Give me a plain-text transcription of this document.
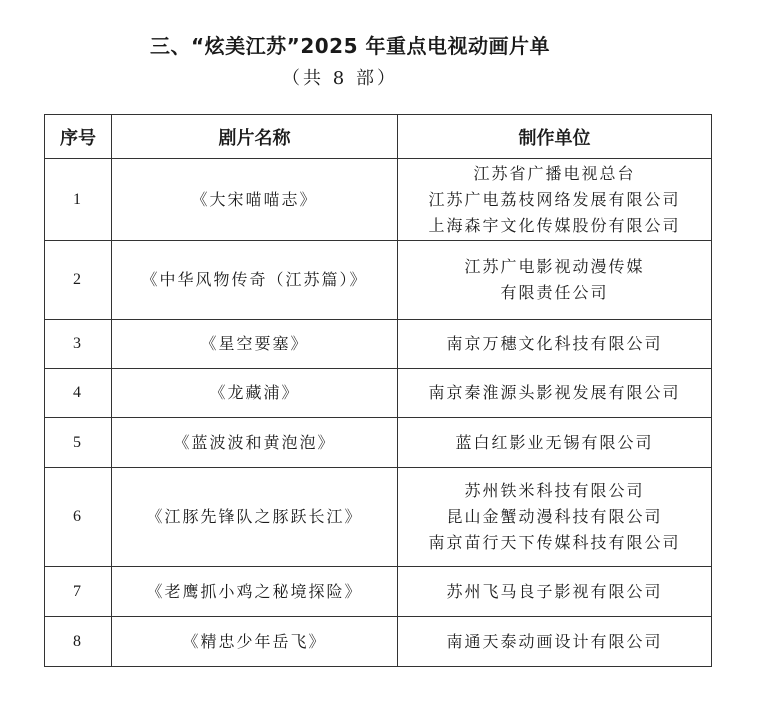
三、“炫美江苏”2025 年重点电视动画片单
（共 8 部）
序号	剧片名称	制作单位
1	《大宋喵喵志》	江苏省广播电视总台
江苏广电荔枝网络发展有限公司
上海森宇文化传媒股份有限公司

2	《中华风物传奇（江苏篇）》	江苏广电影视动漫传媒
有限责任公司

3	《星空要塞》	南京万穗文化科技有限公司

4	《龙藏浦》	南京秦淮源头影视发展有限公司

5	《蓝波波和黄泡泡》	蓝白红影业无锡有限公司

6	《江豚先锋队之豚跃长江》	苏州铁米科技有限公司
昆山金蟹动漫科技有限公司
南京苗行天下传媒科技有限公司

7	《老鹰抓小鸡之秘境探险》	苏州飞马良子影视有限公司

8	《精忠少年岳飞》	南通天泰动画设计有限公司
